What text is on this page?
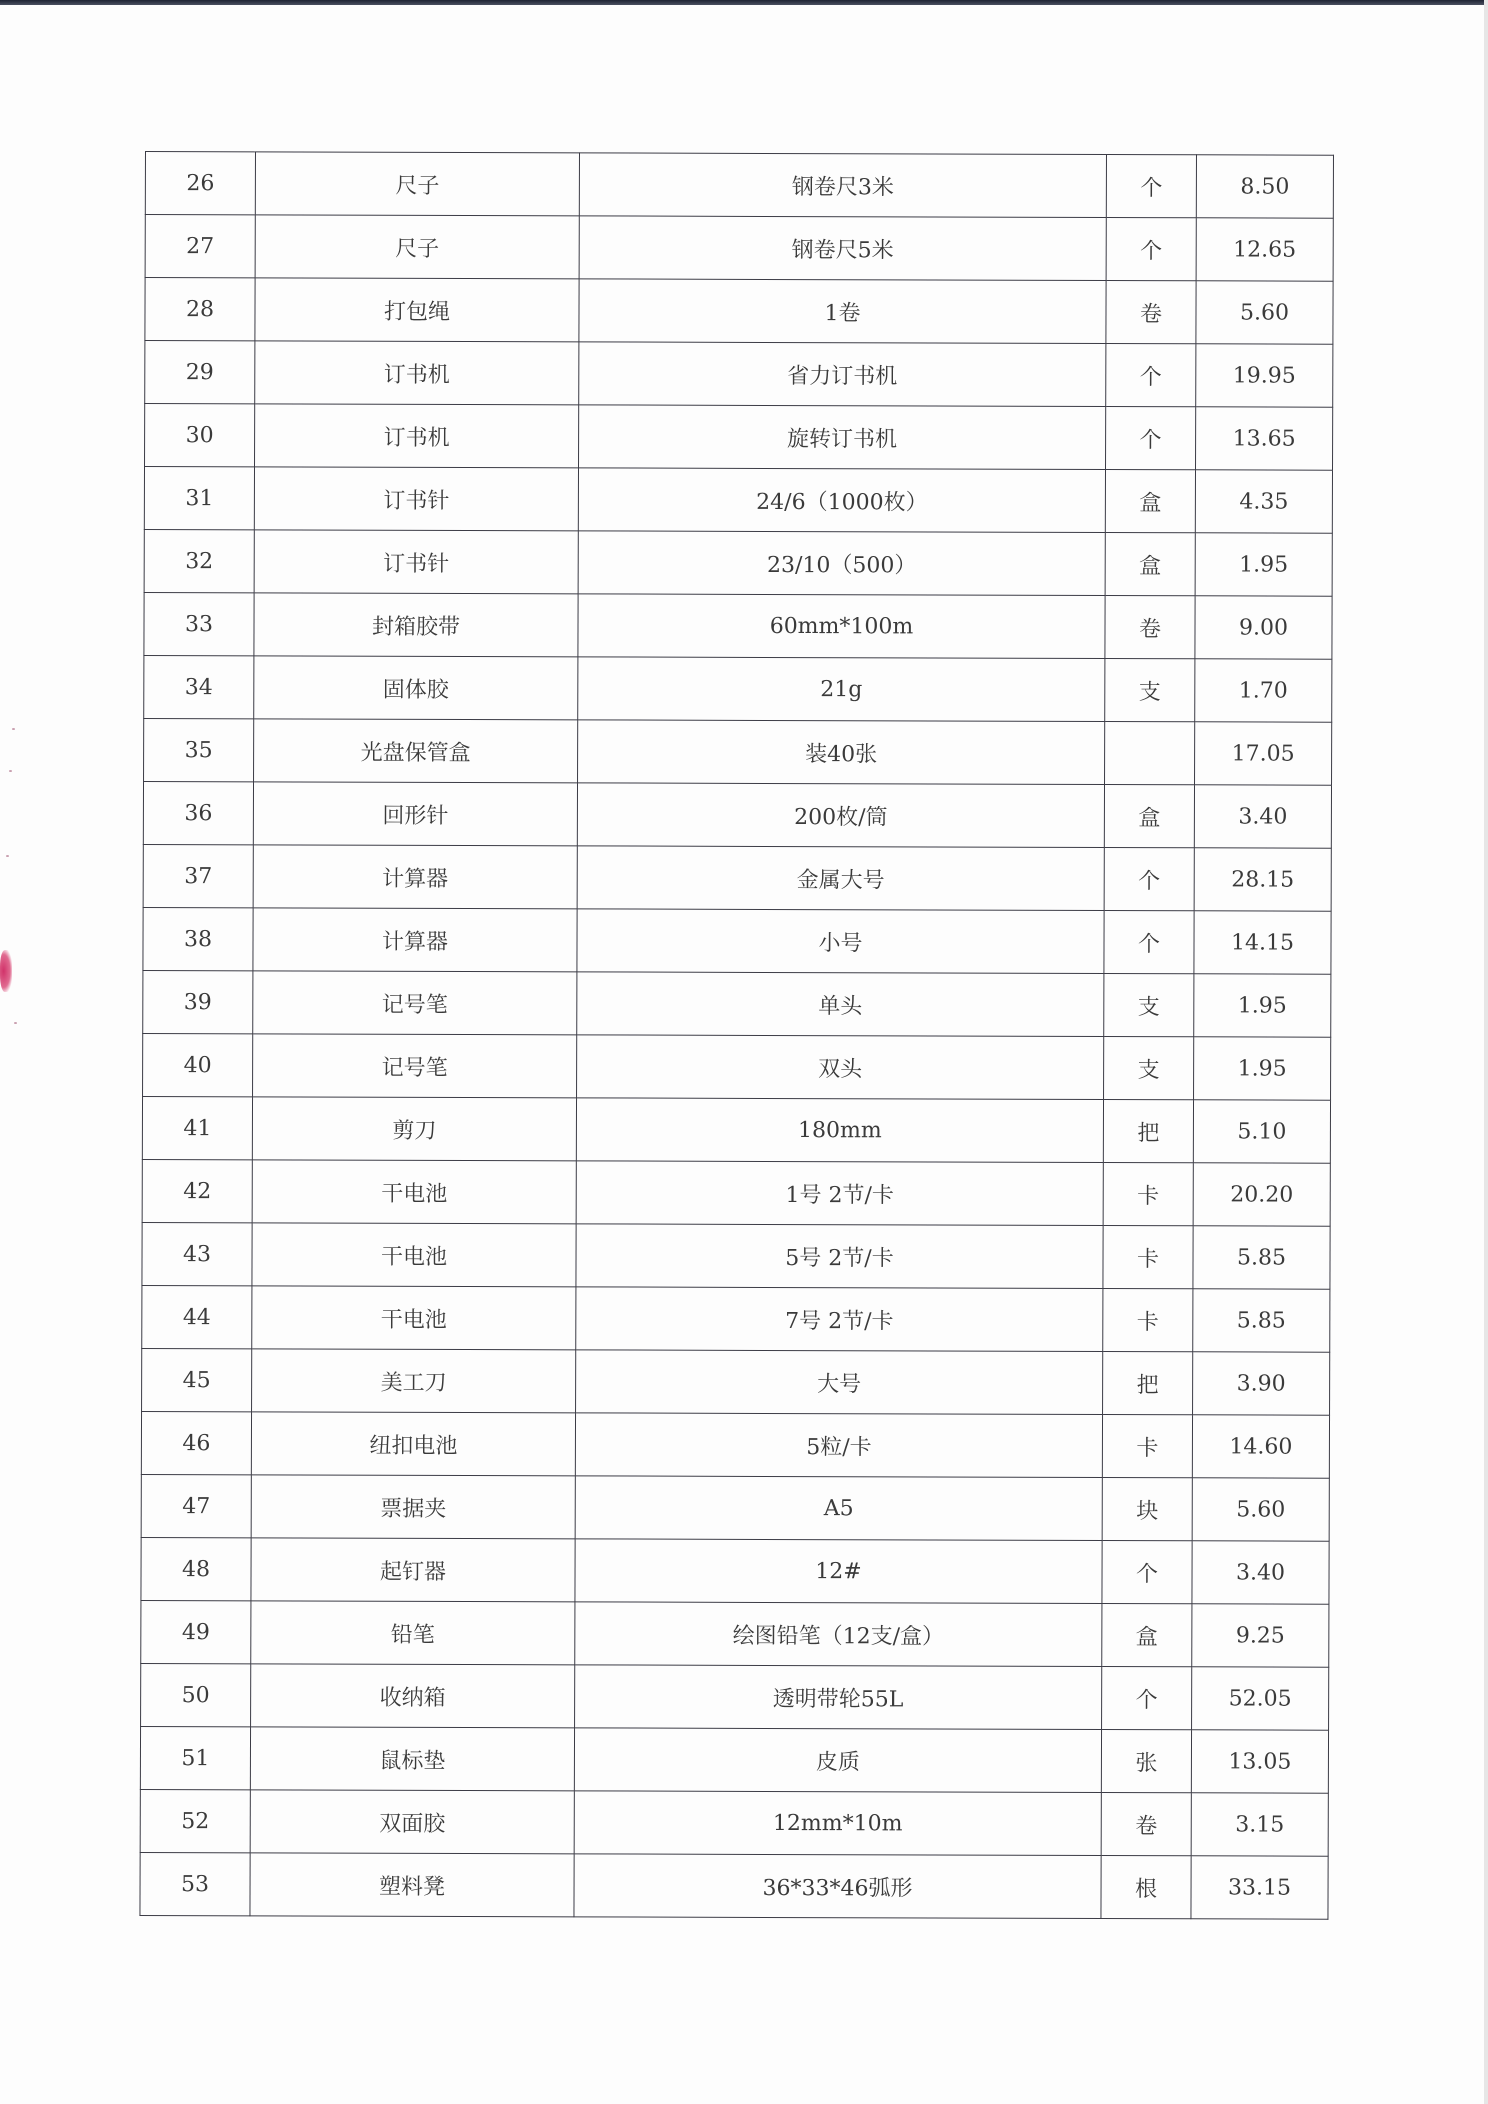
26	尺子	钢卷尺3米	个	8.50
27	尺子	钢卷尺5米	个	12.65
28	打包绳	1卷	卷	5.60
29	订书机	省力订书机	个	19.95
30	订书机	旋转订书机	个	13.65
31	订书针	24/6（1000枚）	盒	4.35
32	订书针	23/10（500）	盒	1.95
33	封箱胶带	60mm*100m	卷	9.00
34	固体胶	21g	支	1.70
35	光盘保管盒	装40张		17.05
36	回形针	200枚/筒	盒	3.40
37	计算器	金属大号	个	28.15
38	计算器	小号	个	14.15
39	记号笔	单头	支	1.95
40	记号笔	双头	支	1.95
41	剪刀	180mm	把	5.10
42	干电池	1号 2节/卡	卡	20.20
43	干电池	5号 2节/卡	卡	5.85
44	干电池	7号 2节/卡	卡	5.85
45	美工刀	大号	把	3.90
46	纽扣电池	5粒/卡	卡	14.60
47	票据夹	A5	块	5.60
48	起钉器	12#	个	3.40
49	铅笔	绘图铅笔（12支/盒）	盒	9.25
50	收纳箱	透明带轮55L	个	52.05
51	鼠标垫	皮质	张	13.05
52	双面胶	12mm*10m	卷	3.15
53	塑料凳	36*33*46弧形	根	33.15
